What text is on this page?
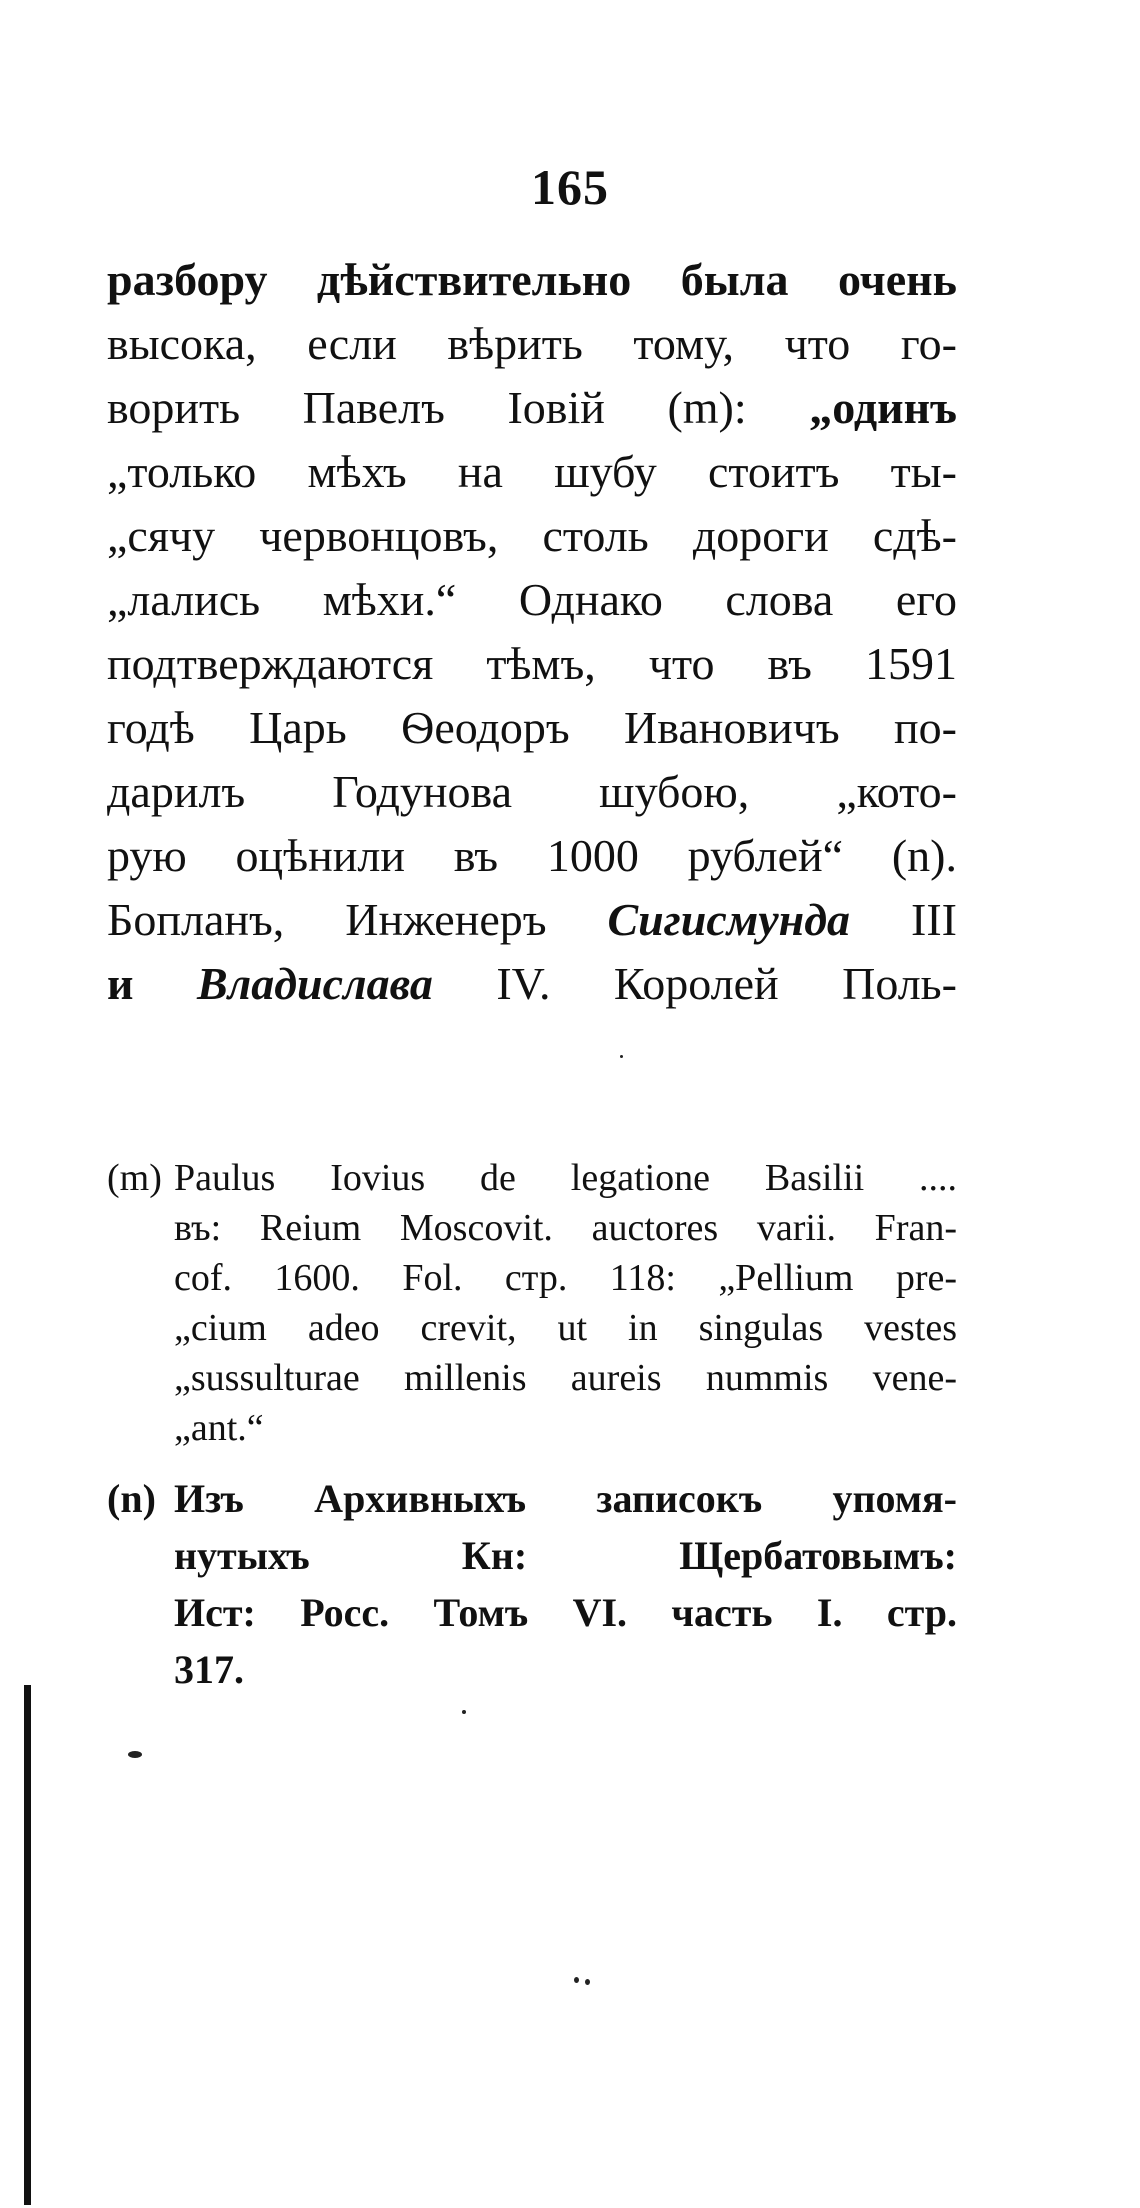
165
разбору дѣйствительно была очень
высока, если вѣрить тому, что го-
ворить Павелъ Іовій (m): „одинъ
„только мѣхъ на шубу стоитъ ты-
„сячу червонцовъ, столь дороги сдѣ-
„лались мѣхи.“ Однако слова его
подтверждаются тѣмъ, что въ 1591
годѣ Царь Ѳеодоръ Ивановичъ по-
дарилъ Годунова шубою, „кото-
рую оцѣнили въ 1000 рублей“ (n).
Бопланъ, Инженеръ Сигисмунда III
и Владислава IV. Королей Поль-
(m) Paulus Iovius de legatione Basilii ....
въ: Reium Moscovit. auctores varii. Fran-
cof. 1600. Fol. стр. 118: „Pellium pre-
„cium adeo crevit, ut in singulas vestes
„sussulturae millenis aureis nummis vene-
„ant.“
(n) Изъ Архивныхъ записокъ упомя-
нутыхъ Кн: Щербатовымъ:
Ист: Росс. Томъ VI. часть I. стр.
317.
